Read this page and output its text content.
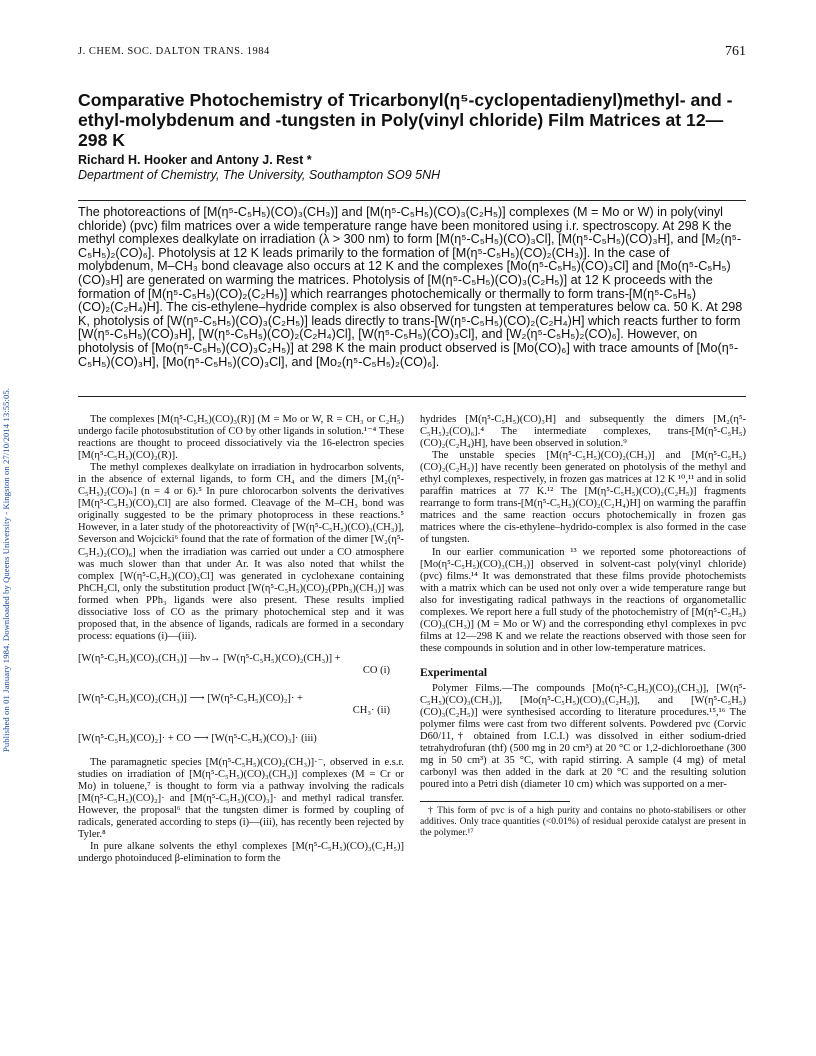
J. CHEM. SOC. DALTON TRANS. 1984	761
Published on 01 January 1984. Downloaded by Queens University - Kingston on 27/10/2014 13:55:05.
Comparative Photochemistry of Tricarbonyl(η⁵-cyclopentadienyl)methyl- and -ethyl-molybdenum and -tungsten in Poly(vinyl chloride) Film Matrices at 12—298 K
Richard H. Hooker and Antony J. Rest *
Department of Chemistry, The University, Southampton SO9 5NH

The photoreactions of [M(η⁵-C₅H₅)(CO)₃(CH₃)] and [M(η⁵-C₅H₅)(CO)₃(C₂H₅)] complexes (M = Mo or W) in poly(vinyl chloride) (pvc) film matrices over a wide temperature range have been monitored using i.r. spectroscopy. At 298 K the methyl complexes dealkylate on irradiation (λ > 300 nm) to form [M(η⁵-C₅H₅)(CO)₃Cl], [M(η⁵-C₅H₅)(CO)₃H], and [M₂(η⁵-C₅H₅)₂(CO)₆]. Photolysis at 12 K leads primarily to the formation of [M(η⁵-C₅H₅)(CO)₂(CH₃)]. In the case of molybdenum, M–CH₃ bond cleavage also occurs at 12 K and the complexes [Mo(η⁵-C₅H₅)(CO)₃Cl] and [Mo(η⁵-C₅H₅)(CO)₃H] are generated on warming the matrices. Photolysis of [M(η⁵-C₅H₅)(CO)₃(C₂H₅)] at 12 K proceeds with the formation of [M(η⁵-C₅H₅)(CO)₂(C₂H₅)] which rearranges photochemically or thermally to form trans-[M(η⁵-C₅H₅)(CO)₂(C₂H₄)H]. The cis-ethylene–hydride complex is also observed for tungsten at temperatures below ca. 50 K. At 298 K, photolysis of [W(η⁵-C₅H₅)(CO)₃(C₂H₅)] leads directly to trans-[W(η⁵-C₅H₅)(CO)₂(C₂H₄)H] which reacts further to form [W(η⁵-C₅H₅)(CO)₃H], [W(η⁵-C₅H₅)(CO)₂(C₂H₄)Cl], [W(η⁵-C₅H₅)(CO)₃Cl], and [W₂(η⁵-C₅H₅)₂(CO)₆]. However, on photolysis of [Mo(η⁵-C₅H₅)(CO)₃C₂H₅)] at 298 K the main product observed is [Mo(CO)₆] with trace amounts of [Mo(η⁵-C₅H₅)(CO)₃H], [Mo(η⁵-C₅H₅)(CO)₃Cl], and [Mo₂(η⁵-C₅H₅)₂(CO)₆].

The complexes [M(η⁵-C₅H₅)(CO)₃(R)] (M = Mo or W, R = CH₃ or C₂H₅) undergo facile photosubstitution of CO by other ligands in solution.¹⁻⁴ These reactions are thought to proceed dissociatively via the 16-electron species [M(η⁵-C₅H₅)(CO)₂(R)].

The methyl complexes dealkylate on irradiation in hydrocarbon solvents, in the absence of external ligands, to form CH₄ and the dimers [M₂(η⁵-C₅H₅)₂(CO)ₙ] (n = 4 or 6).⁵ In pure chlorocarbon solvents the derivatives [M(η⁵-C₅H₅)(CO)₃Cl] are also formed. Cleavage of the M–CH₃ bond was originally suggested to be the primary photoprocess in these reactions.⁵ However, in a later study of the photoreactivity of [W(η⁵-C₅H₅)(CO)₃(CH₃)], Severson and Wojcicki⁶ found that the rate of formation of the dimer [W₂(η⁵-C₅H₅)₂(CO)₆] when the irradiation was carried out under a CO atmosphere was much slower than that under Ar. It was also noted that whilst the complex [W(η⁵-C₅H₅)(CO)₃Cl] was generated in cyclohexane containing PhCH₂Cl, only the substitution product [W(η⁵-C₅H₅)(CO)₂(PPh₃)(CH₃)] was formed when PPh₃ ligands were also present. These results implied dissociative loss of CO as the primary photochemical step and it was proposed that, in the absence of ligands, radicals are formed in a secondary process: equations (i)—(iii).

[W(η⁵-C₅H₅)(CO)₃(CH₃)] —hν→ [W(η⁵-C₅H₅)(CO)₂(CH₃)] +
CO (i)
[W(η⁵-C₅H₅)(CO)₂(CH₃)] ⟶ [W(η⁵-C₅H₅)(CO)₂]· +
CH₃· (ii)
[W(η⁵-C₅H₅)(CO)₂]· + CO ⟶ [W(η⁵-C₅H₅)(CO)₃]· (iii)

The paramagnetic species [M(η⁵-C₅H₅)(CO)₂(CH₃)]·⁻, observed in e.s.r. studies on irradiation of [M(η⁵-C₅H₅)(CO)₃(CH₃)] complexes (M = Cr or Mo) in toluene,⁷ is thought to form via a pathway involving the radicals [M(η⁵-C₅H₅)(CO)₂]· and [M(η⁵-C₅H₅)(CO)₃]· and methyl radical transfer. However, the proposal⁶ that the tungsten dimer is formed by coupling of radicals, generated according to steps (i)—(iii), has recently been rejected by Tyler.⁸

In pure alkane solvents the ethyl complexes [M(η⁵-C₅H₅)(CO)₃(C₂H₅)] undergo photoinduced β-elimination to form the

hydrides [M(η⁵-C₅H₅)(CO)₃H] and subsequently the dimers [M₂(η⁵-C₅H₅)₂(CO)₆].⁴ The intermediate complexes, trans-[M(η⁵-C₅H₅)(CO)₂(C₂H₄)H], have been observed in solution.⁹

The unstable species [M(η⁵-C₅H₅)(CO)₂(CH₃)] and [M(η⁵-C₅H₅)(CO)₂(C₂H₅)] have recently been generated on photolysis of the methyl and ethyl complexes, respectively, in frozen gas matrices at 12 K ¹⁰,¹¹ and in solid paraffin matrices at 77 K.¹² The [M(η⁵-C₅H₅)(CO)₂(C₂H₅)] fragments rearrange to form trans-[M(η⁵-C₅H₅)(CO)₂(C₂H₄)H] on warming the paraffin matrices and the same reaction occurs photochemically in frozen gas matrices where the cis-ethylene–hydrido-complex is also formed in the case of tungsten.

In our earlier communication ¹³ we reported some photoreactions of [Mo(η⁵-C₅H₅)(CO)₃(CH₃)] observed in solvent-cast poly(vinyl chloride) (pvc) films.¹⁴ It was demonstrated that these films provide photochemists with a matrix which can be used not only over a wide temperature range but also for investigating radical pathways in the reactions of organometallic complexes. We report here a full study of the photochemistry of [M(η⁵-C₅H₅)(CO)₃(CH₃)] (M = Mo or W) and the corresponding ethyl complexes in pvc films at 12—298 K and we relate the reactions observed with those seen for these compounds in solution and in other low-temperature matrices.

Experimental

Polymer Films.—The compounds [Mo(η⁵-C₅H₅)(CO)₃(CH₃)], [W(η⁵-C₅H₅)(CO)₃(CH₃)], [Mo(η⁵-C₅H₅)(CO)₃(C₂H₅)], and [W(η⁵-C₅H₅)(CO)₃(C₂H₅)] were synthesised according to literature procedures.¹⁵,¹⁶ The polymer films were cast from two different solvents. Powdered pvc (Corvic D60/11,† obtained from I.C.I.) was dissolved in either sodium-dried tetrahydrofuran (thf) (500 mg in 20 cm³) at 20 °C or 1,2-dichloroethane (300 mg in 50 cm³) at 35 °C, with rapid stirring. A sample (4 mg) of metal carbonyl was then added in the dark at 20 °C and the resulting solution poured into a Petri dish (diameter 10 cm) which was supported on a mer-

† This form of pvc is of a high purity and contains no photo-stabilisers or other additives. Only trace quantities (<0.01%) of residual peroxide catalyst are present in the polymer.¹⁷
